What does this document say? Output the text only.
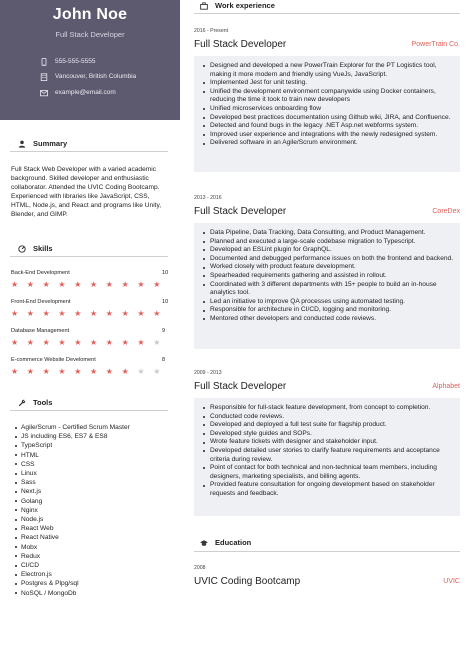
John Noe
Full Stack Developer
555-555-5555
Vancouver, British Columbia
example@email.com
Summary
Full Stack Web Developer with a varied academic background. Skilled developer and enthusiastic collaborator. Attended the UVIC Coding Bootcamp. Experienced with libraries like JavaScript, CSS, HTML, Node.js, and React and programs like Unity, Blender, and GIMP.
Skills
Back-End Development	10
★ ★ ★ ★ ★ ★ ★ ★ ★ ★
Front-End Development	10
★ ★ ★ ★ ★ ★ ★ ★ ★ ★
Database Management	9
★ ★ ★ ★ ★ ★ ★ ★ ★ ★
E-commerce Website Develoment	8
★ ★ ★ ★ ★ ★ ★ ★ ★ ★
Tools
Agile/Scrum - Certified Scrum Master
JS including ES6, ES7 & ES8
TypeScript
HTML
CSS
Linux
Sass
Next.js
Golang
Nginx
Node.js
React Web
React Native
Mobx
Redux
CI/CD
Electron.js
Postgres & Plpg/sql
NoSQL / MongoDb
Work experience
2016 - Present
Full Stack Developer	PowerTrain Co.
Designed and developed a new PowerTrain Explorer for the PT Logistics tool, making it more modern and friendly using VueJs, JavaScript.
Implemented Jest for unit testing.
Unified the development environment companywide using Docker containers, reducing the time it took to train new developers
Unified microservices onboarding flow
Developed best practices documentation using Github wiki, JIRA, and Confluence.
Detected and found bugs in the legacy .NET Asp.net webforms system.
Improved user experience and integrations with the newly redesigned system.
Delivered software in an Agile/Scrum environment.
2013 - 2016
Full Stack Developer	CoreDex
Data Pipeline, Data Tracking, Data Consulting, and Product Management.
Planned and executed a large-scale codebase migration to Typescript.
Developed an ESLint plugin for GraphQL.
Documented and debugged performance issues on both the frontend and backend.
Worked closely with product feature development.
Spearheaded requirements gathering and assisted in rollout.
Coordinated with 3 different departments with 15+ people to build an in-house analytics tool.
Led an initiative to improve QA processes using automated testing.
Responsible for architecture in CI/CD, logging and monitoring.
Mentored other developers and conducted code reviews.
2009 - 2013
Full Stack Developer	Alphabet
Responsible for full-stack feature development, from concept to completion.
Conducted code reviews.
Developed and deployed a full test suite for flagship product.
Developed style guides and SOPs.
Wrote feature tickets with designer and stakeholder input.
Developed detailed user stories to clarify feature requirements and acceptance criteria during review.
Point of contact for both technical and non-technical team members, including designers, marketing specialists, and billing agents.
Provided feature consultation for ongoing development based on stakeholder requests and feedback.
Education
2008
UVIC Coding Bootcamp	UVIC
